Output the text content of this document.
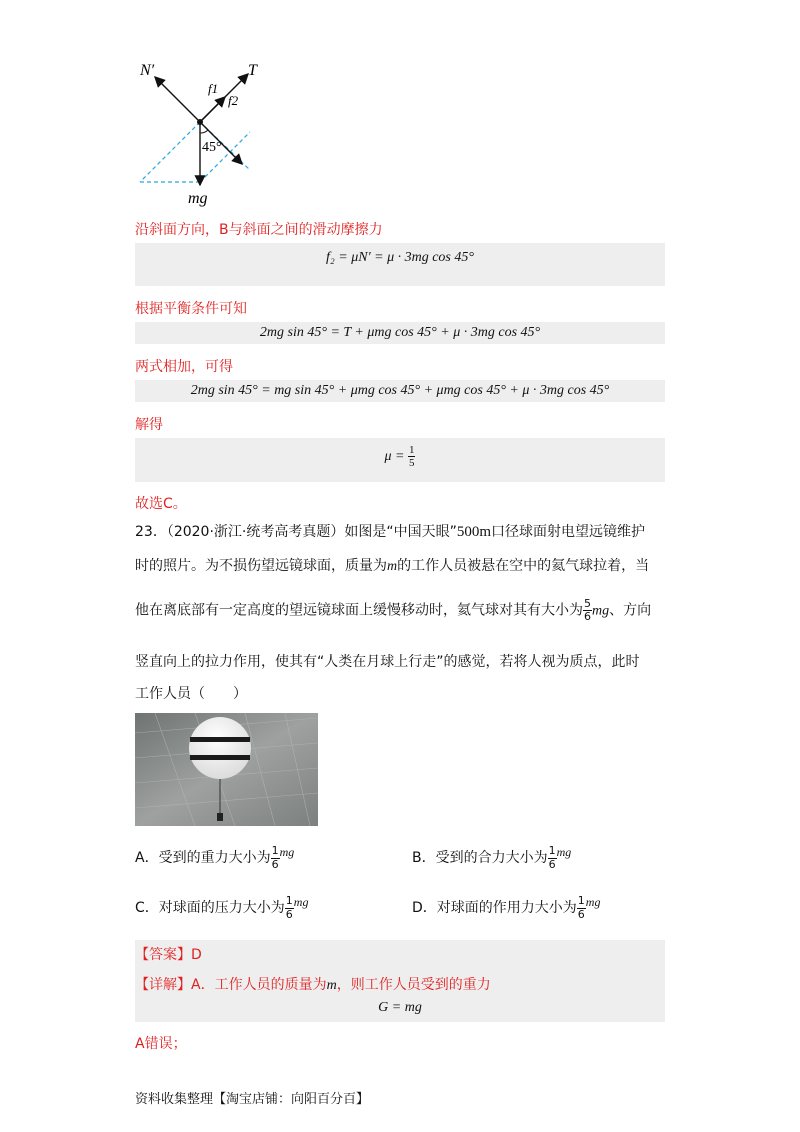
N′	T
f1
f2
45°
mg
沿斜面方向，B与斜面之间的滑动摩擦力
f₂ = μN′ = μ · 3mg cos 45°
根据平衡条件可知
2mg sin 45° = T + μmg cos 45° + μ · 3mg cos 45°
两式相加，可得
2mg sin 45° = mg sin 45° + μmg cos 45° + μmg cos 45° + μ · 3mg cos 45°
解得
$\mu = \frac{1}{5}$
故选C。
23．（2020·浙江·统考高考真题）如图是“中国天眼”500m口径球面射电望远镜维护
时的照片。为不损伤望远镜球面，质量为m的工作人员被悬在空中的氦气球拉着，当
他在离底部有一定高度的望远镜球面上缓慢移动时，氦气球对其有大小为 $\frac{5}{6}$ mg、方向
竖直向上的拉力作用，使其有“人类在月球上行走”的感觉，若将人视为质点，此时
工作人员（　　）
A．受到的重力大小为 $\frac{1}{6}$ mg	B．受到的合力大小为 $\frac{1}{6}$ mg
C．对球面的压力大小为 $\frac{1}{6}$ mg	D．对球面的作用力大小为 $\frac{1}{6}$ mg
【答案】D
【详解】A．工作人员的质量为m，则工作人员受到的重力
G = mg
A错误；
资料收集整理【淘宝店铺：向阳百分百】
